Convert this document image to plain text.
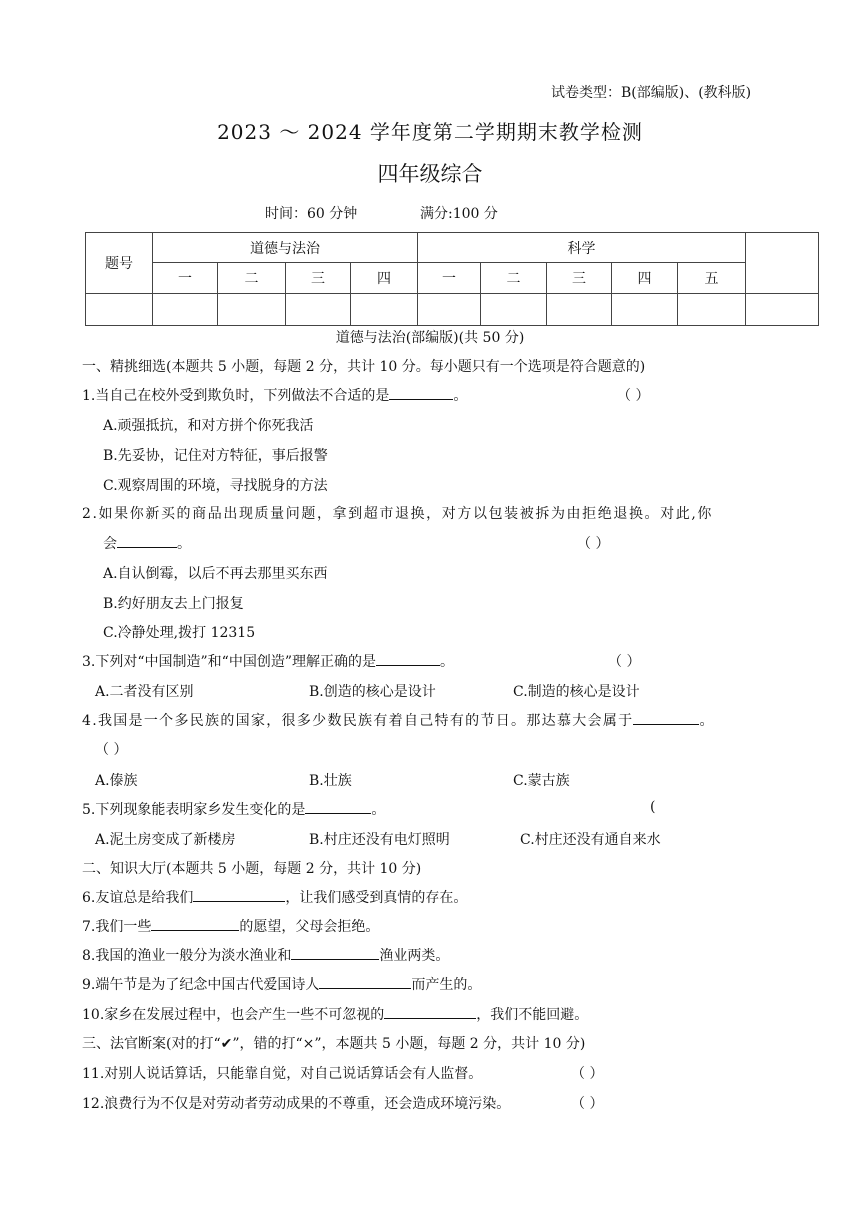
试卷类型：B(部编版)、(教科版)
2023 ～ 2024 学年度第二学期期末教学检测
四年级综合
时间：60 分钟	满分:100 分
题号	道德与法治				科学					
	一	二	三	四	一	二	三	四	五	

道德与法治(部编版)(共 50 分)
一、精挑细选(本题共 5 小题，每题 2 分，共计 10 分。每小题只有一个选项是符合题意的)
1.当自己在校外受到欺负时，下列做法不合适的是	。	（ ）
A.顽强抵抗，和对方拼个你死我活
B.先妥协，记住对方特征，事后报警
C.观察周围的环境，寻找脱身的方法
2.如果你新买的商品出现质量问题，拿到超市退换，对方以包装被拆为由拒绝退换。对此,你
会	。	（ ）
A.自认倒霉，以后不再去那里买东西
B.约好朋友去上门报复
C.冷静处理,拨打 12315
3.下列对“中国制造”和“中国创造”理解正确的是	。	（ ）
A.二者没有区别	B.创造的核心是设计	C.制造的核心是设计
4.我国是一个多民族的国家，很多少数民族有着自己特有的节日。那达慕大会属于	。
（ ）
A.傣族	B.壮族	C.蒙古族
5.下列现象能表明家乡发生变化的是	。	(
A.泥土房变成了新楼房	B.村庄还没有电灯照明	C.村庄还没有通自来水
二、知识大厅(本题共 5 小题，每题 2 分，共计 10 分)
6.友谊总是给我们	，让我们感受到真情的存在。
7.我们一些	的愿望，父母会拒绝。
8.我国的渔业一般分为淡水渔业和	渔业两类。
9.端午节是为了纪念中国古代爱国诗人	而产生的。
10.家乡在发展过程中，也会产生一些不可忽视的	，我们不能回避。
三、法官断案(对的打“✔”，错的打“×”，本题共 5 小题，每题 2 分，共计 10 分)
11.对别人说话算话，只能靠自觉，对自己说话算话会有人监督。	（ ）
12.浪费行为不仅是对劳动者劳动成果的不尊重，还会造成环境污染。	（ ）
